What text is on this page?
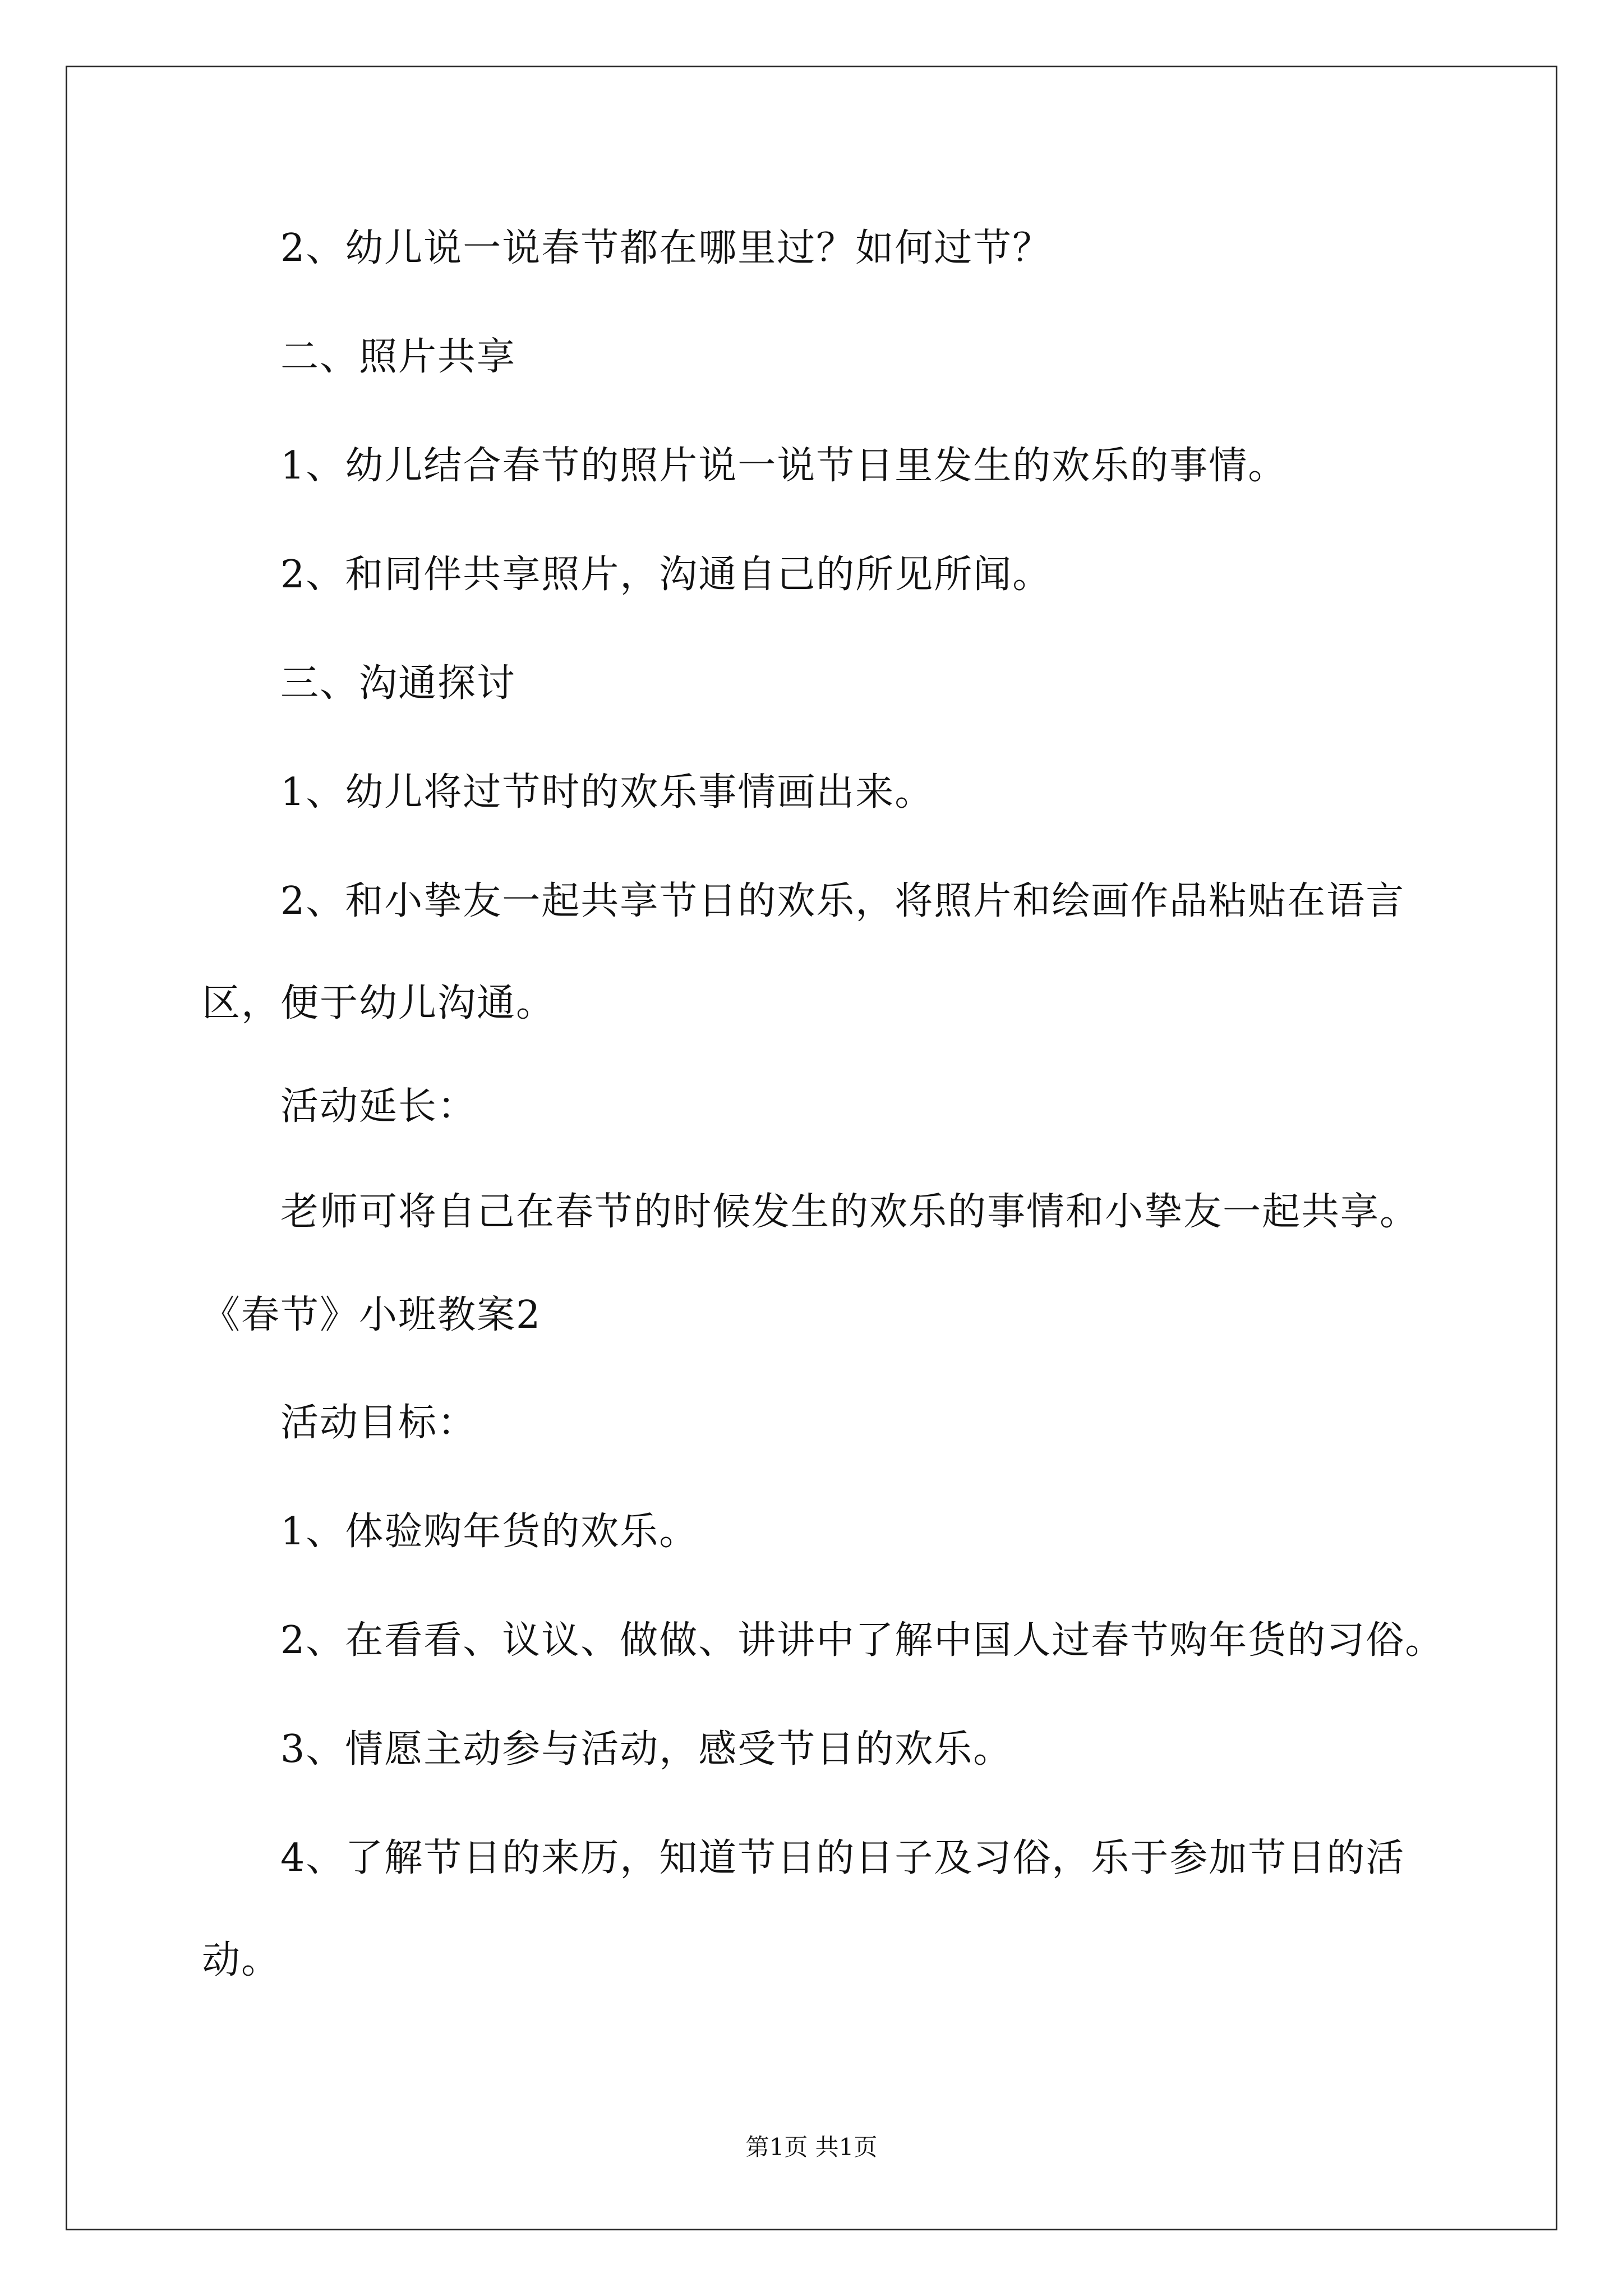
2、幼儿说一说春节都在哪里过？如何过节？
二、照片共享
1、幼儿结合春节的照片说一说节日里发生的欢乐的事情。
2、和同伴共享照片，沟通自己的所见所闻。
三、沟通探讨
1、幼儿将过节时的欢乐事情画出来。
2、和小挚友一起共享节日的欢乐，将照片和绘画作品粘贴在语言
区，便于幼儿沟通。
活动延长：
老师可将自己在春节的时候发生的欢乐的事情和小挚友一起共享。
《春节》小班教案2
活动目标：
1、体验购年货的欢乐。
2、在看看、议议、做做、讲讲中了解中国人过春节购年货的习俗。
3、情愿主动参与活动，感受节日的欢乐。
4、了解节日的来历，知道节日的日子及习俗，乐于参加节日的活
动。
第1页 共1页
